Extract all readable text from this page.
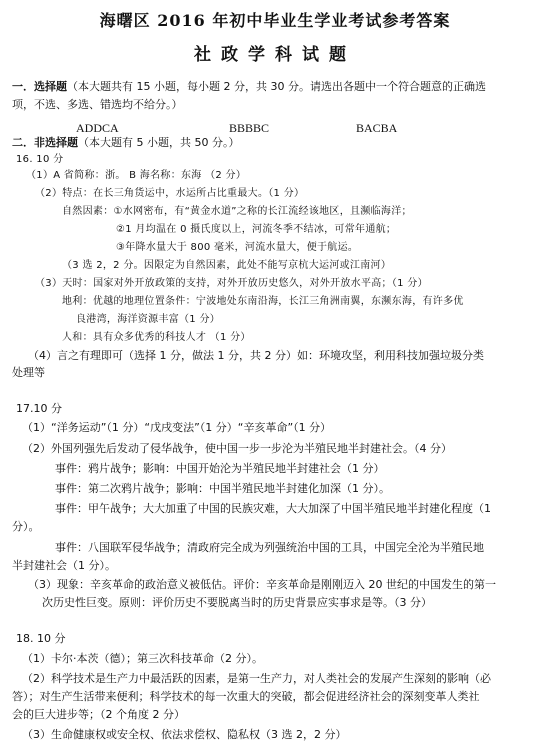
海曙区 2016 年初中毕业生学业考试参考答案
社政学科试题
一．选择题（本大题共有 15 小题，每小题 2 分，共 30 分。请选出各题中一个符合题意的正确选
项，不选、多选、错选均不给分。）
ADDCA	BBBBC	BACBA
二．非选择题（本大题有 5 小题，共 50 分。）
16. 10 分
（1）A 省简称：浙。 B 海名称：东海 （2 分）
（2）特点：在长三角货运中，水运所占比重最大。（1 分）
自然因素：①水网密布，有“黄金水道”之称的长江流经该地区，且濒临海洋；
②1 月均温在 0 摄氏度以上，河流冬季不结冰，可常年通航；
③年降水量大于 800 毫米，河流水量大，便于航运。
（3 选 2，2 分。因限定为自然因素，此处不能写京杭大运河或江南河）
（3）天时：国家对外开放政策的支持，对外开放历史悠久，对外开放水平高；（1 分）
地利：优越的地理位置条件：宁波地处东南沿海，长江三角洲南翼，东濒东海，有许多优
良港湾，海洋资源丰富（1 分）
人和：具有众多优秀的科技人才 （1 分）
（4）言之有理即可（选择 1 分，做法 1 分，共 2 分）如：环境攻坚，利用科技加强垃圾分类
处理等
17.10 分
（1）“洋务运动”（1 分）“戊戌变法”（1 分）“辛亥革命”（1 分）
（2）外国列强先后发动了侵华战争，使中国一步一步沦为半殖民地半封建社会。（4 分）
事件：鸦片战争；影响：中国开始沦为半殖民地半封建社会（1 分）
事件：第二次鸦片战争；影响：中国半殖民地半封建化加深（1 分）。
事件：甲午战争；大大加重了中国的民族灾难，大大加深了中国半殖民地半封建化程度（1
分）。
事件：八国联军侵华战争；清政府完全成为列强统治中国的工具，中国完全沦为半殖民地
半封建社会（1 分）。
（3）现象：辛亥革命的政治意义被低估。评价：辛亥革命是刚刚迈入 20 世纪的中国发生的第一
次历史性巨变。原则：评价历史不要脱离当时的历史背景应实事求是等。（3 分）
18. 10 分
（1）卡尔·本茨（德）；第三次科技革命（2 分）。
（2）科学技术是生产力中最活跃的因素，是第一生产力，对人类社会的发展产生深刻的影响（必
答）；对生产生活带来便利；科学技术的每一次重大的突破，都会促进经济社会的深刻变革人类社
会的巨大进步等；（2 个角度 2 分）
（3）生命健康权或安全权、依法求偿权、隐私权（3 选 2，2 分）
